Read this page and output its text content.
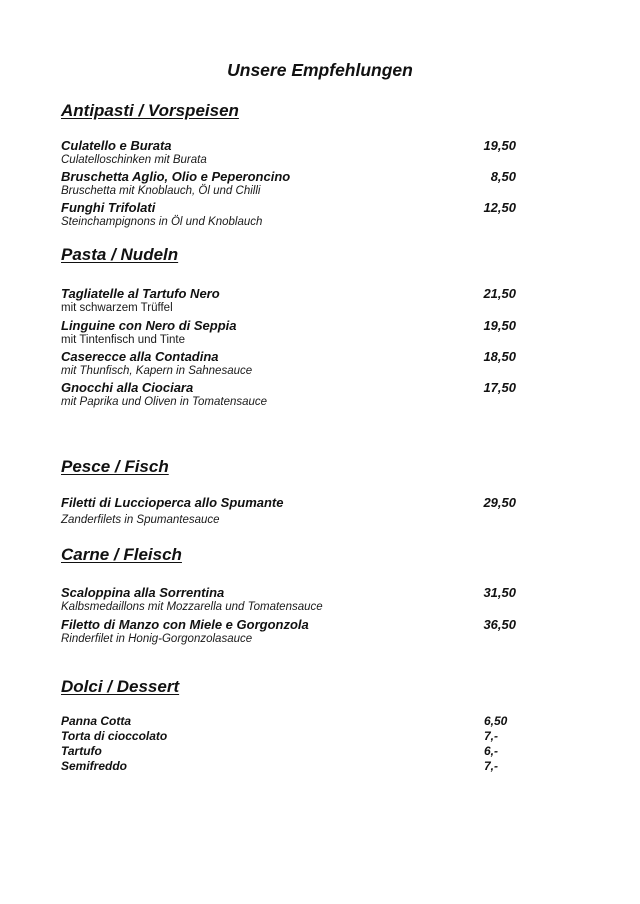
Unsere Empfehlungen
Antipasti / Vorspeisen
Culatello e Burata	19,50
Culatelloschinken mit Burata
Bruschetta Aglio, Olio e Peperoncino	8,50
Bruschetta mit Knoblauch, Öl und Chilli
Funghi Trifolati	12,50
Steinchampignons in Öl und Knoblauch
Pasta / Nudeln
Tagliatelle al Tartufo Nero	21,50
mit schwarzem Trüffel
Linguine con Nero di Seppia	19,50
mit Tintenfisch und Tinte
Caserecce alla Contadina	18,50
mit Thunfisch, Kapern in Sahnesauce
Gnocchi alla Ciociara	17,50
mit Paprika und Oliven in Tomatensauce
Pesce / Fisch
Filetti di Luccioperca allo Spumante	29,50
Zanderfilets in Spumantesauce
Carne / Fleisch
Scaloppina alla Sorrentina	31,50
Kalbsmedaillons mit Mozzarella und Tomatensauce
Filetto di Manzo con Miele e Gorgonzola	36,50
Rinderfilet in Honig-Gorgonzolasauce
Dolci / Dessert
Panna Cotta	6,50
Torta di cioccolato	7,-
Tartufo	6,-
Semifreddo	7,-
